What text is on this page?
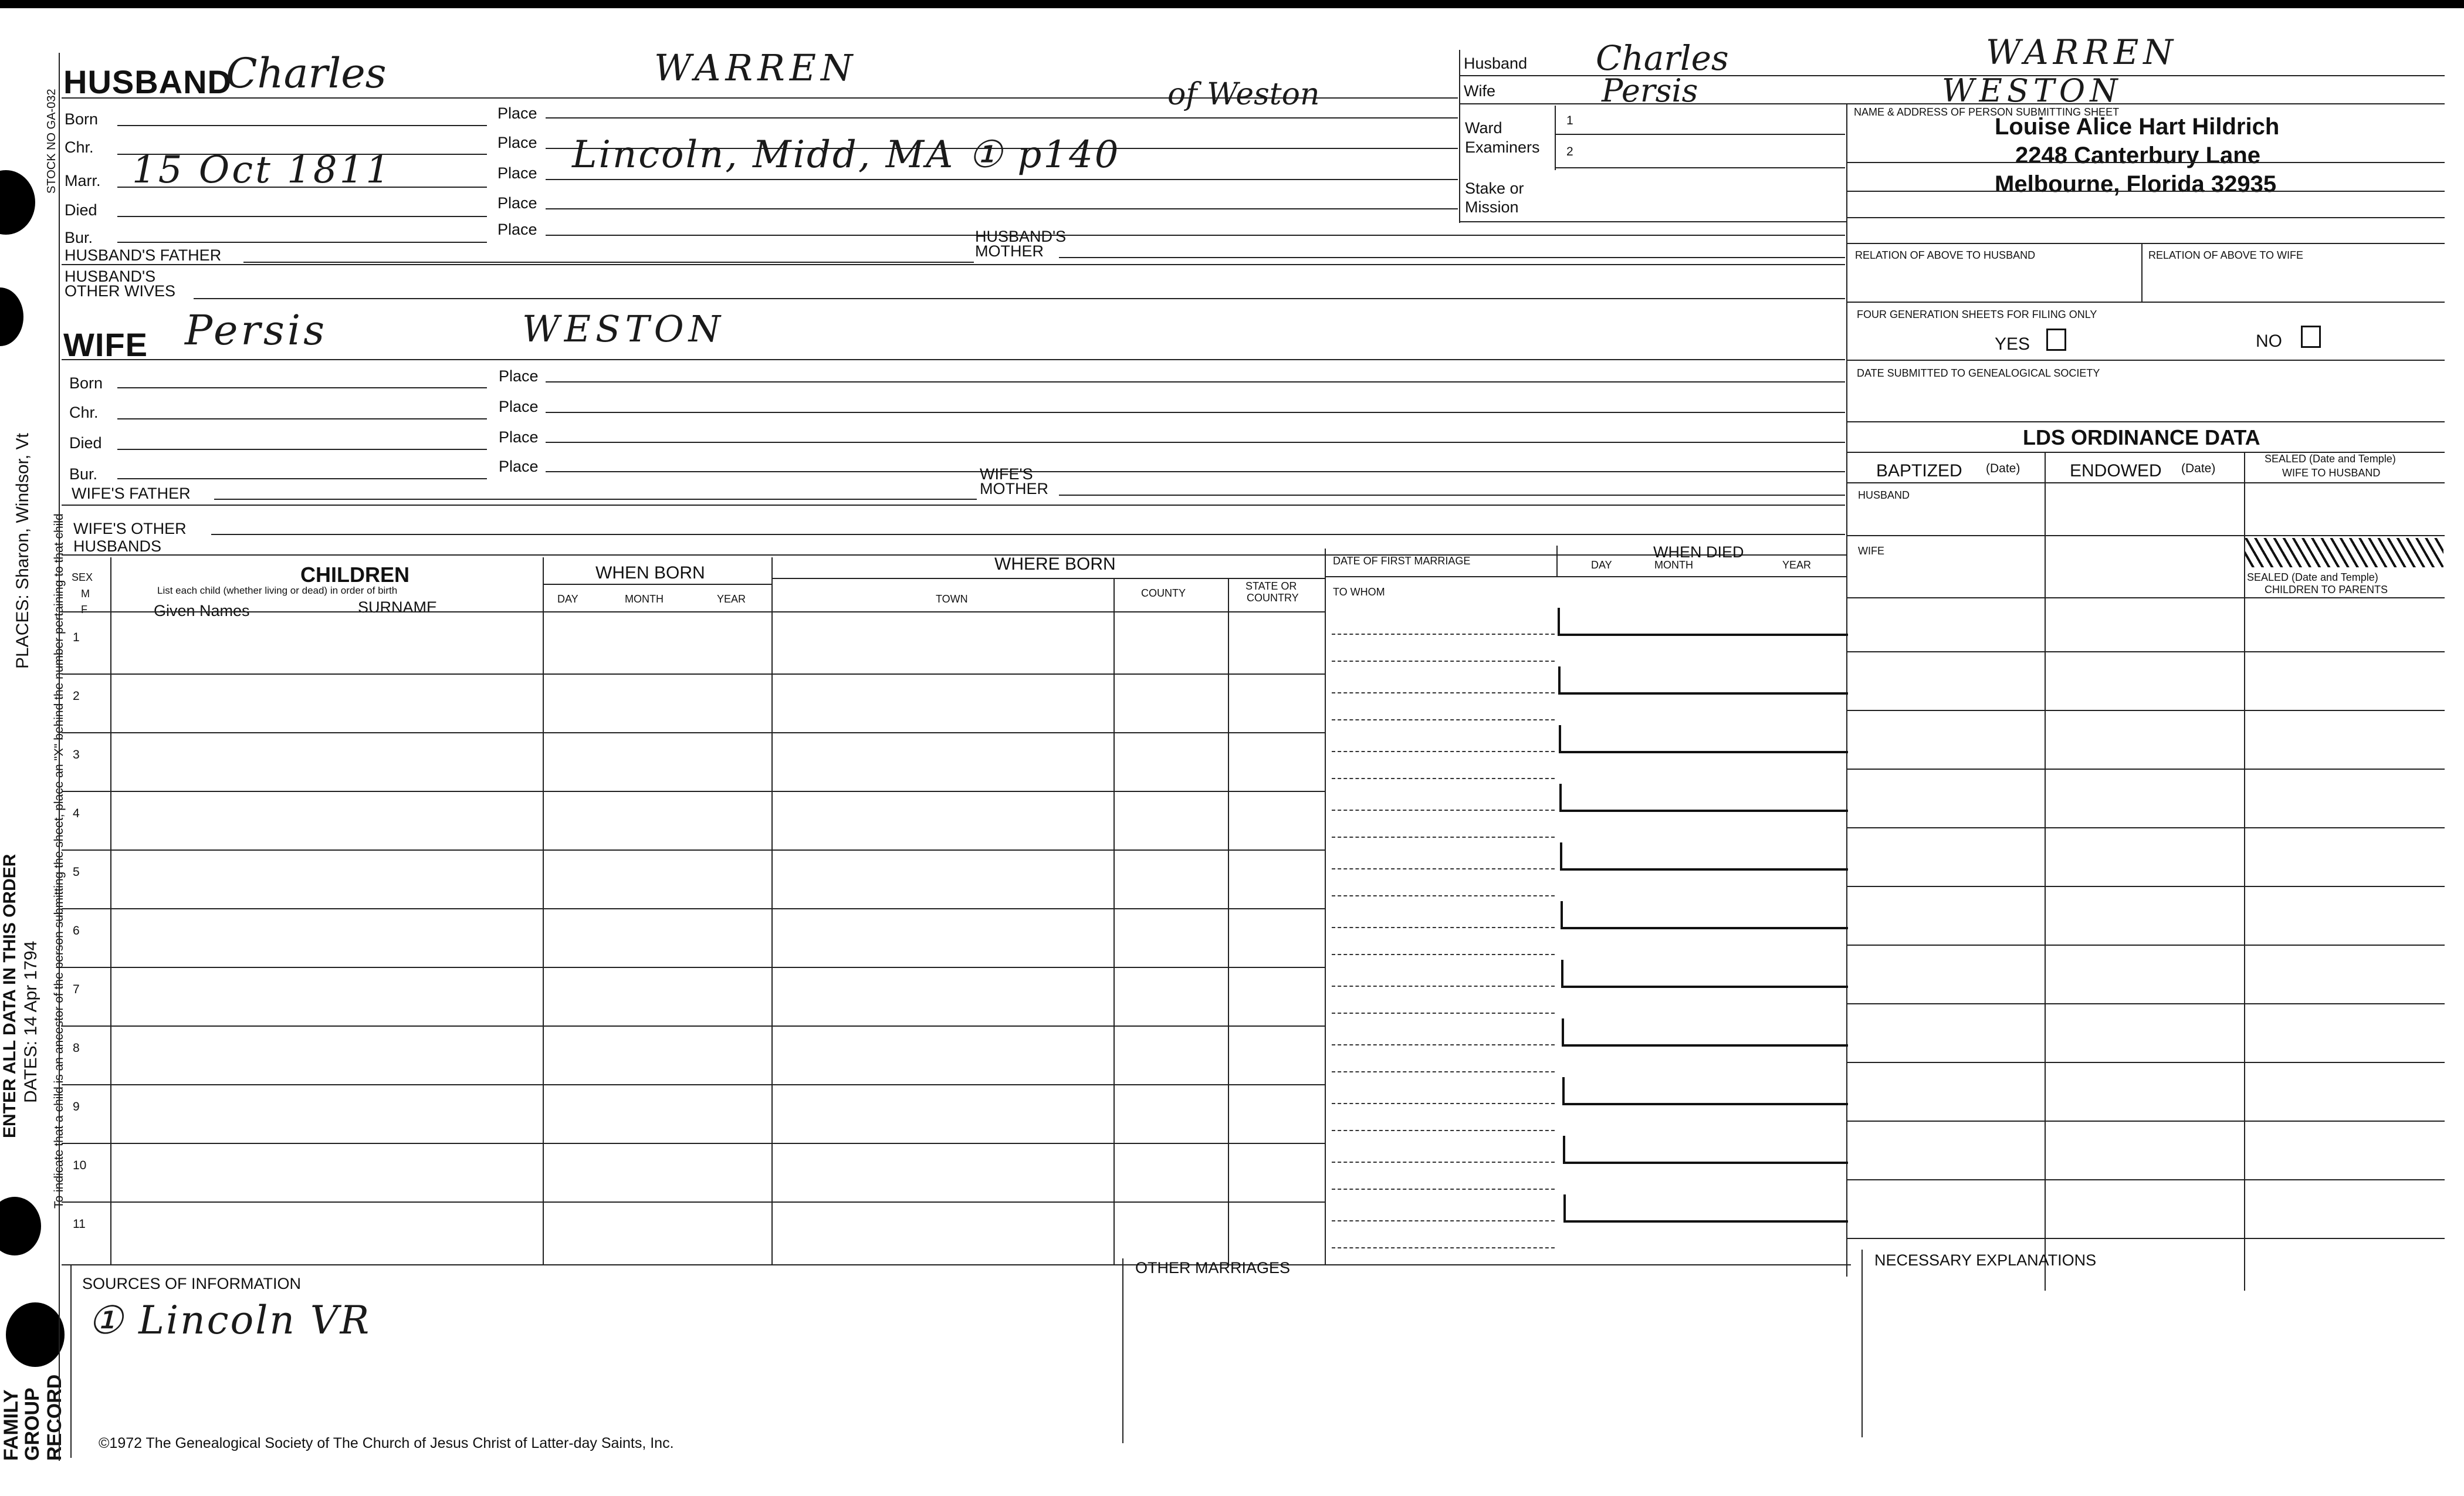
STOCK NO GA-032
PLACES: Sharon, Windsor, Vt To indicate that a child is an ancestor of the person submitting the sheet, place an "X" behind the number pertaining to that child
ENTER ALL DATA IN THIS ORDER DATES: 14 Apr 1794
FAMILY
GROUP RECORD
HUSBAND
Charles	WARREN
Born	Place
of Weston
Chr.	Place
Marr. 15 Oct 1811	Place Lincoln, Midd, MA ① p140
Died	Place
Bur.	Place
HUSBAND'S FATHER
HUSBAND'S
MOTHER
HUSBAND'S
OTHER WIVES
Husband Charles	WARREN
Wife	Persis	WESTON
Ward
Examiners
1
2
Stake or
Mission
NAME & ADDRESS OF PERSON SUBMITTING SHEET
Louise Alice Hart Hildrich
2248 Canterbury Lane
Melbourne, Florida 32935
RELATION OF ABOVE TO HUSBAND	RELATION OF ABOVE TO WIFE
FOUR GENERATION SHEETS FOR FILING ONLY
YES	NO
DATE SUBMITTED TO GENEALOGICAL SOCIETY
LDS ORDINANCE DATA
BAPTIZED (Date)	ENDOWED (Date)
SEALED (Date and Temple)
WIFE TO HUSBAND
HUSBAND
WIFE
SEALED (Date and Temple)
CHILDREN TO PARENTS
WIFE Persis	WESTON
Born	Place
Chr.	Place
Died	Place
Bur.	Place
WIFE'S FATHER
WIFE'S
MOTHER
WIFE'S OTHER
HUSBANDS
SEX
M
F
CHILDREN
List each child (whether living or dead) in order of birth
Given Names	SURNAME
WHEN BORN
DAY	MONTH	YEAR
WHERE BORN
TOWN	COUNTY
STATE OR
COUNTRY
DATE OF FIRST MARRIAGE
TO WHOM
WHEN DIED
DAY	MONTH	YEAR
1
2
3
4
5
6
7
8
9
10
11
SOURCES OF INFORMATION
① Lincoln VR
OTHER MARRIAGES	NECESSARY EXPLANATIONS
©1972 The Genealogical Society of The Church of Jesus Christ of Latter-day Saints, Inc.
